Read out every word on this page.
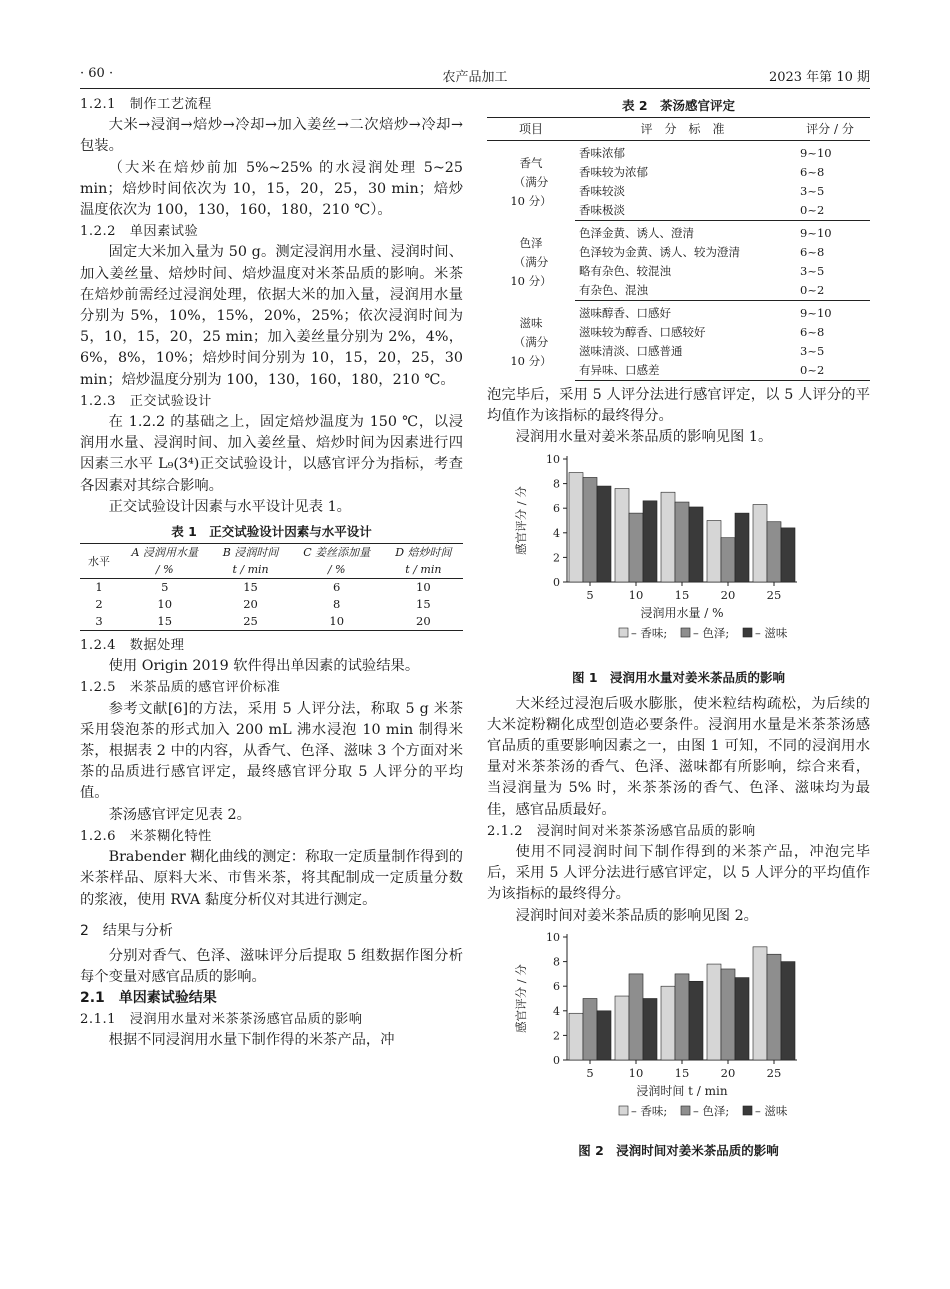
· 60 ·	农产品加工	2023 年第 10 期

1.2.1　制作工艺流程

大米→浸润→焙炒→冷却→加入姜丝→二次焙炒→冷却→包装。

（大米在焙炒前加 5%~25% 的水浸润处理 5~25 min；焙炒时间依次为 10，15，20，25，30 min；焙炒温度依次为 100，130，160，180，210 ℃）。

1.2.2　单因素试验

固定大米加入量为 50 g。测定浸润用水量、浸润时间、加入姜丝量、焙炒时间、焙炒温度对米茶品质的影响。米茶在焙炒前需经过浸润处理，依据大米的加入量，浸润用水量分别为 5%，10%，15%，20%，25%；依次浸润时间为 5，10，15，20，25 min；加入姜丝量分别为 2%，4%，6%，8%，10%；焙炒时间分别为 10，15，20，25，30 min；焙炒温度分别为 100，130，160，180，210 ℃。

1.2.3　正交试验设计

在 1.2.2 的基础之上，固定焙炒温度为 150 ℃，以浸润用水量、浸润时间、加入姜丝量、焙炒时间为因素进行四因素三水平 L₉(3⁴)正交试验设计，以感官评分为指标，考查各因素对其综合影响。

正交试验设计因素与水平设计见表 1。

表 1　正交试验设计因素与水平设计
水平	A 浸润用水量	B 浸润时间	C 姜丝添加量	D 焙炒时间
	/ %	t / min	/ %	t / min
1	5	15	6	10
2	10	20	8	15
3	15	25	10	20

1.2.4　数据处理

使用 Origin 2019 软件得出单因素的试验结果。

1.2.5　米茶品质的感官评价标准

参考文献[6]的方法，采用 5 人评分法，称取 5 g 米茶采用袋泡茶的形式加入 200 mL 沸水浸泡 10 min 制得米茶，根据表 2 中的内容，从香气、色泽、滋味 3 个方面对米茶的品质进行感官评定，最终感官评分取 5 人评分的平均值。

茶汤感官评定见表 2。

1.2.6　米茶糊化特性

Brabender 糊化曲线的测定：称取一定质量制作得到的米茶样品、原料大米、市售米茶，将其配制成一定质量分数的浆液，使用 RVA 黏度分析仪对其进行测定。

2　结果与分析

分别对香气、色泽、滋味评分后提取 5 组数据作图分析每个变量对感官品质的影响。

2.1　单因素试验结果

2.1.1　浸润用水量对米茶茶汤感官品质的影响

根据不同浸润用水量下制作得的米茶产品，冲

表 2　茶汤感官评定
项目	评　分　标　准	评分 / 分

香气
（满分
10 分）	香味浓郁	9~10
	香味较为浓郁	6~8
	香味较淡	3~5
	香味极淡	0~2

色泽
（满分
10 分）	色泽金黄、诱人、澄清	9~10
	色泽较为金黄、诱人、较为澄清	6~8
	略有杂色、较混浊	3~5
	有杂色、混浊	0~2

滋味
（满分
10 分）	滋味醇香、口感好	9~10
	滋味较为醇香、口感较好	6~8
	滋味清淡、口感普通	3~5
	有异味、口感差	0~2

泡完毕后，采用 5 人评分法进行感官评定，以 5 人评分的平均值作为该指标的最终得分。

浸润用水量对姜米茶品质的影响见图 1。

0
2
4
6
8
10
感官评分 / 分
5	10	15	20	25
浸润用水量 / %
– 香味; – 色泽; – 滋味

图 1　浸润用水量对姜米茶品质的影响

大米经过浸泡后吸水膨胀，使米粒结构疏松，为后续的大米淀粉糊化成型创造必要条件。浸润用水量是米茶茶汤感官品质的重要影响因素之一，由图 1 可知，不同的浸润用水量对米茶茶汤的香气、色泽、滋味都有所影响，综合来看，当浸润量为 5% 时，米茶茶汤的香气、色泽、滋味均为最佳，感官品质最好。

2.1.2　浸润时间对米茶茶汤感官品质的影响

使用不同浸润时间下制作得到的米茶产品，冲泡完毕后，采用 5 人评分法进行感官评定，以 5 人评分的平均值作为该指标的最终得分。

浸润时间对姜米茶品质的影响见图 2。

0
2
4
6
8
10
感官评分 / 分
5	10	15	20	25
浸润时间 t / min
– 香味; – 色泽; – 滋味

图 2　浸润时间对姜米茶品质的影响
